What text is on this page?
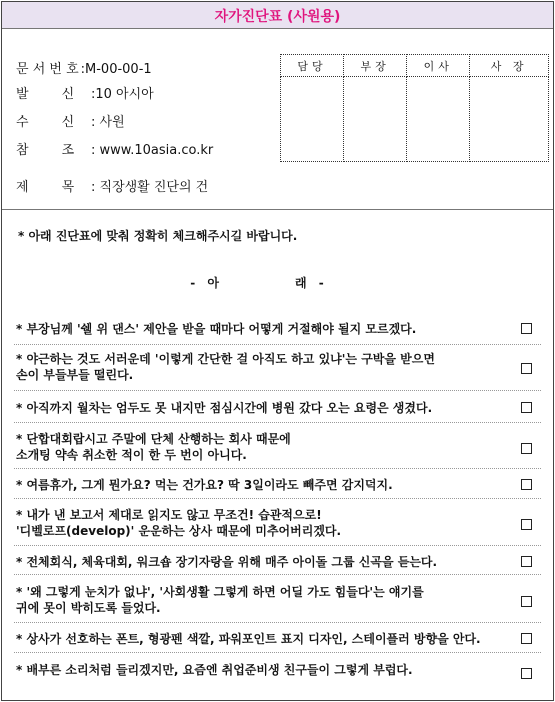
자가진단표 (사원용)
문 서 번 호 :M-00-00-1
발        신 :10 아시아
수        신 : 사원
참        조 : www.10asia.co.kr
제        목 : 직장생활 진단의 건
담당	부장	이사	사 장

* 아래 진단표에 맞춰 정확히 체크해주시길 바랍니다.
- 아	래 -
* 부장님께 '쉘 위 댄스' 제안을 받을 때마다 어떻게 거절해야 될지 모르겠다.
* 야근하는 것도 서러운데 '이렇게 간단한 걸 아직도 하고 있냐'는 구박을 받으면
손이 부들부들 떨린다.
* 아직까지 월차는 엄두도 못 내지만 점심시간에 병원 갔다 오는 요령은 생겼다.
* 단합대회랍시고 주말에 단체 산행하는 회사 때문에
소개팅 약속 취소한 적이 한 두 번이 아니다.
* 여름휴가, 그게 뭔가요? 먹는 건가요? 딱 3일이라도 빼주면 감지덕지.
* 내가 낸 보고서 제대로 읽지도 않고 무조건! 습관적으로!
'디벨로프(develop)' 운운하는 상사 때문에 미추어버리겠다.
* 전체회식, 체육대회, 워크숍 장기자랑을 위해 매주 아이돌 그룹 신곡을 듣는다.
* '왜 그렇게 눈치가 없냐', '사회생활 그렇게 하면 어딜 가도 힘들다'는 얘기를
귀에 못이 박히도록 들었다.
* 상사가 선호하는 폰트, 형광펜 색깔, 파워포인트 표지 디자인, 스테이플러 방향을 안다.
* 배부른 소리처럼 들리겠지만, 요즘엔 취업준비생 친구들이 그렇게 부럽다.
